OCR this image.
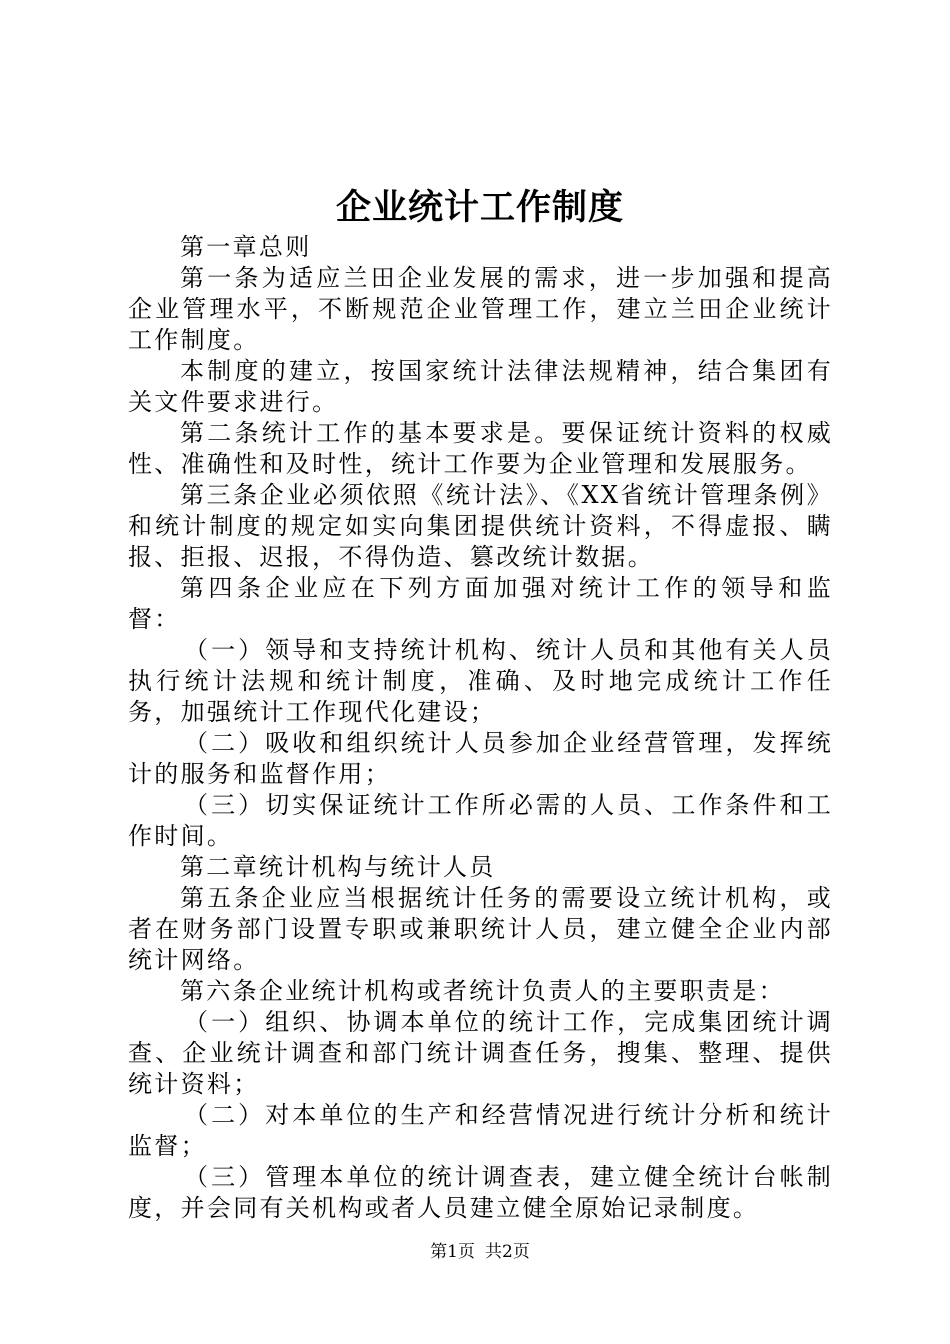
企业统计工作制度

第一章总则

第一条为适应兰田企业发展的需求，进一步加强和提高企业管理水平，不断规范企业管理工作，建立兰田企业统计工作制度。

本制度的建立，按国家统计法律法规精神，结合集团有关文件要求进行。

第二条统计工作的基本要求是。要保证统计资料的权威性、准确性和及时性，统计工作要为企业管理和发展服务。

第三条企业必须依照《统计法》、《XX省统计管理条例》和统计制度的规定如实向集团提供统计资料，不得虚报、瞒报、拒报、迟报，不得伪造、篡改统计数据。

第四条企业应在下列方面加强对统计工作的领导和监督：

（一）领导和支持统计机构、统计人员和其他有关人员执行统计法规和统计制度，准确、及时地完成统计工作任务，加强统计工作现代化建设；

（二）吸收和组织统计人员参加企业经营管理，发挥统计的服务和监督作用；

（三）切实保证统计工作所必需的人员、工作条件和工作时间。

第二章统计机构与统计人员

第五条企业应当根据统计任务的需要设立统计机构，或者在财务部门设置专职或兼职统计人员，建立健全企业内部统计网络。

第六条企业统计机构或者统计负责人的主要职责是：

（一）组织、协调本单位的统计工作，完成集团统计调查、企业统计调查和部门统计调查任务，搜集、整理、提供统计资料；

（二）对本单位的生产和经营情况进行统计分析和统计监督；

（三）管理本单位的统计调查表，建立健全统计台帐制度，并会同有关机构或者人员建立健全原始记录制度。

第1页 共2页
